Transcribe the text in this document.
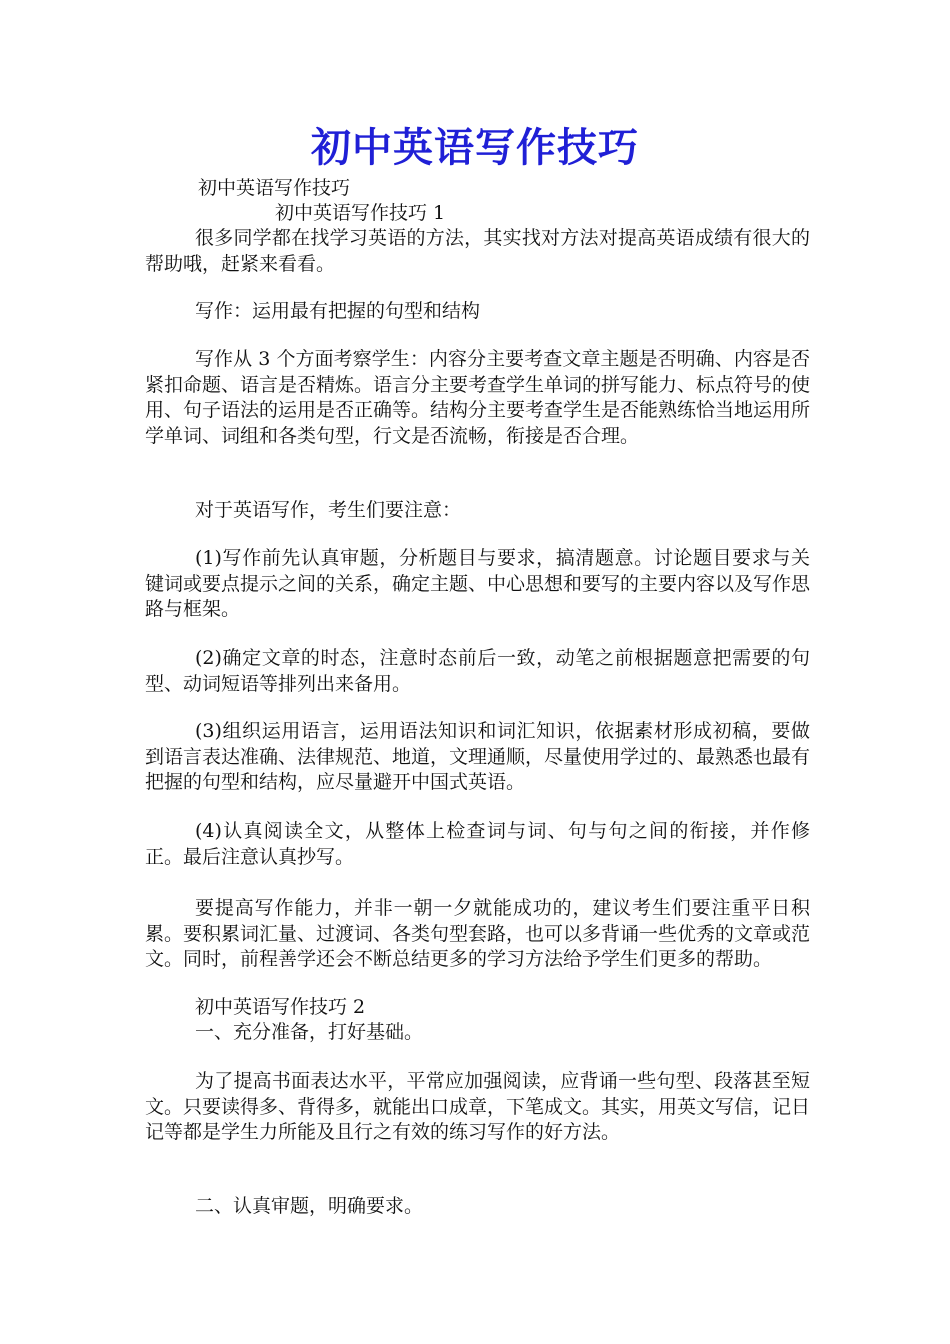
初中英语写作技巧
初中英语写作技巧
初中英语写作技巧 1
很多同学都在找学习英语的方法，其实找对方法对提高英语成绩有很大的帮助哦，赶紧来看看。
写作：运用最有把握的句型和结构
写作从 3 个方面考察学生：内容分主要考查文章主题是否明确、内容是否紧扣命题、语言是否精炼。语言分主要考查学生单词的拼写能力、标点符号的使用、句子语法的运用是否正确等。结构分主要考查学生是否能熟练恰当地运用所学单词、词组和各类句型，行文是否流畅，衔接是否合理。
对于英语写作，考生们要注意：
(1)写作前先认真审题，分析题目与要求，搞清题意。讨论题目要求与关键词或要点提示之间的关系，确定主题、中心思想和要写的主要内容以及写作思路与框架。
(2)确定文章的时态，注意时态前后一致，动笔之前根据题意把需要的句型、动词短语等排列出来备用。
(3)组织运用语言，运用语法知识和词汇知识，依据素材形成初稿，要做到语言表达准确、法律规范、地道，文理通顺，尽量使用学过的、最熟悉也最有把握的句型和结构，应尽量避开中国式英语。
(4)认真阅读全文，从整体上检查词与词、句与句之间的衔接，并作修正。最后注意认真抄写。
要提高写作能力，并非一朝一夕就能成功的，建议考生们要注重平日积累。要积累词汇量、过渡词、各类句型套路，也可以多背诵一些优秀的文章或范文。同时，前程善学还会不断总结更多的学习方法给予学生们更多的帮助。
初中英语写作技巧 2
一、充分准备，打好基础。
为了提高书面表达水平，平常应加强阅读，应背诵一些句型、段落甚至短文。只要读得多、背得多，就能出口成章，下笔成文。其实，用英文写信，记日记等都是学生力所能及且行之有效的练习写作的好方法。
二、认真审题，明确要求。
